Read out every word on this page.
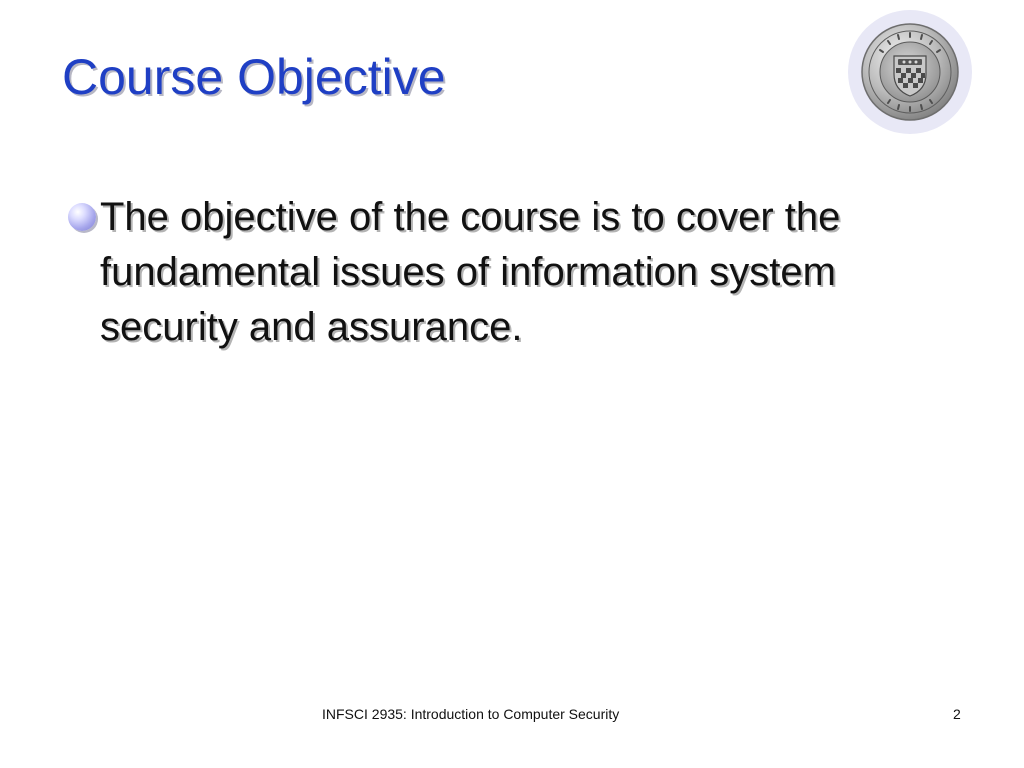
Course Objective
The objective of the course is to cover the fundamental issues of information system security and assurance.
INFSCI 2935: Introduction to Computer Security	2
